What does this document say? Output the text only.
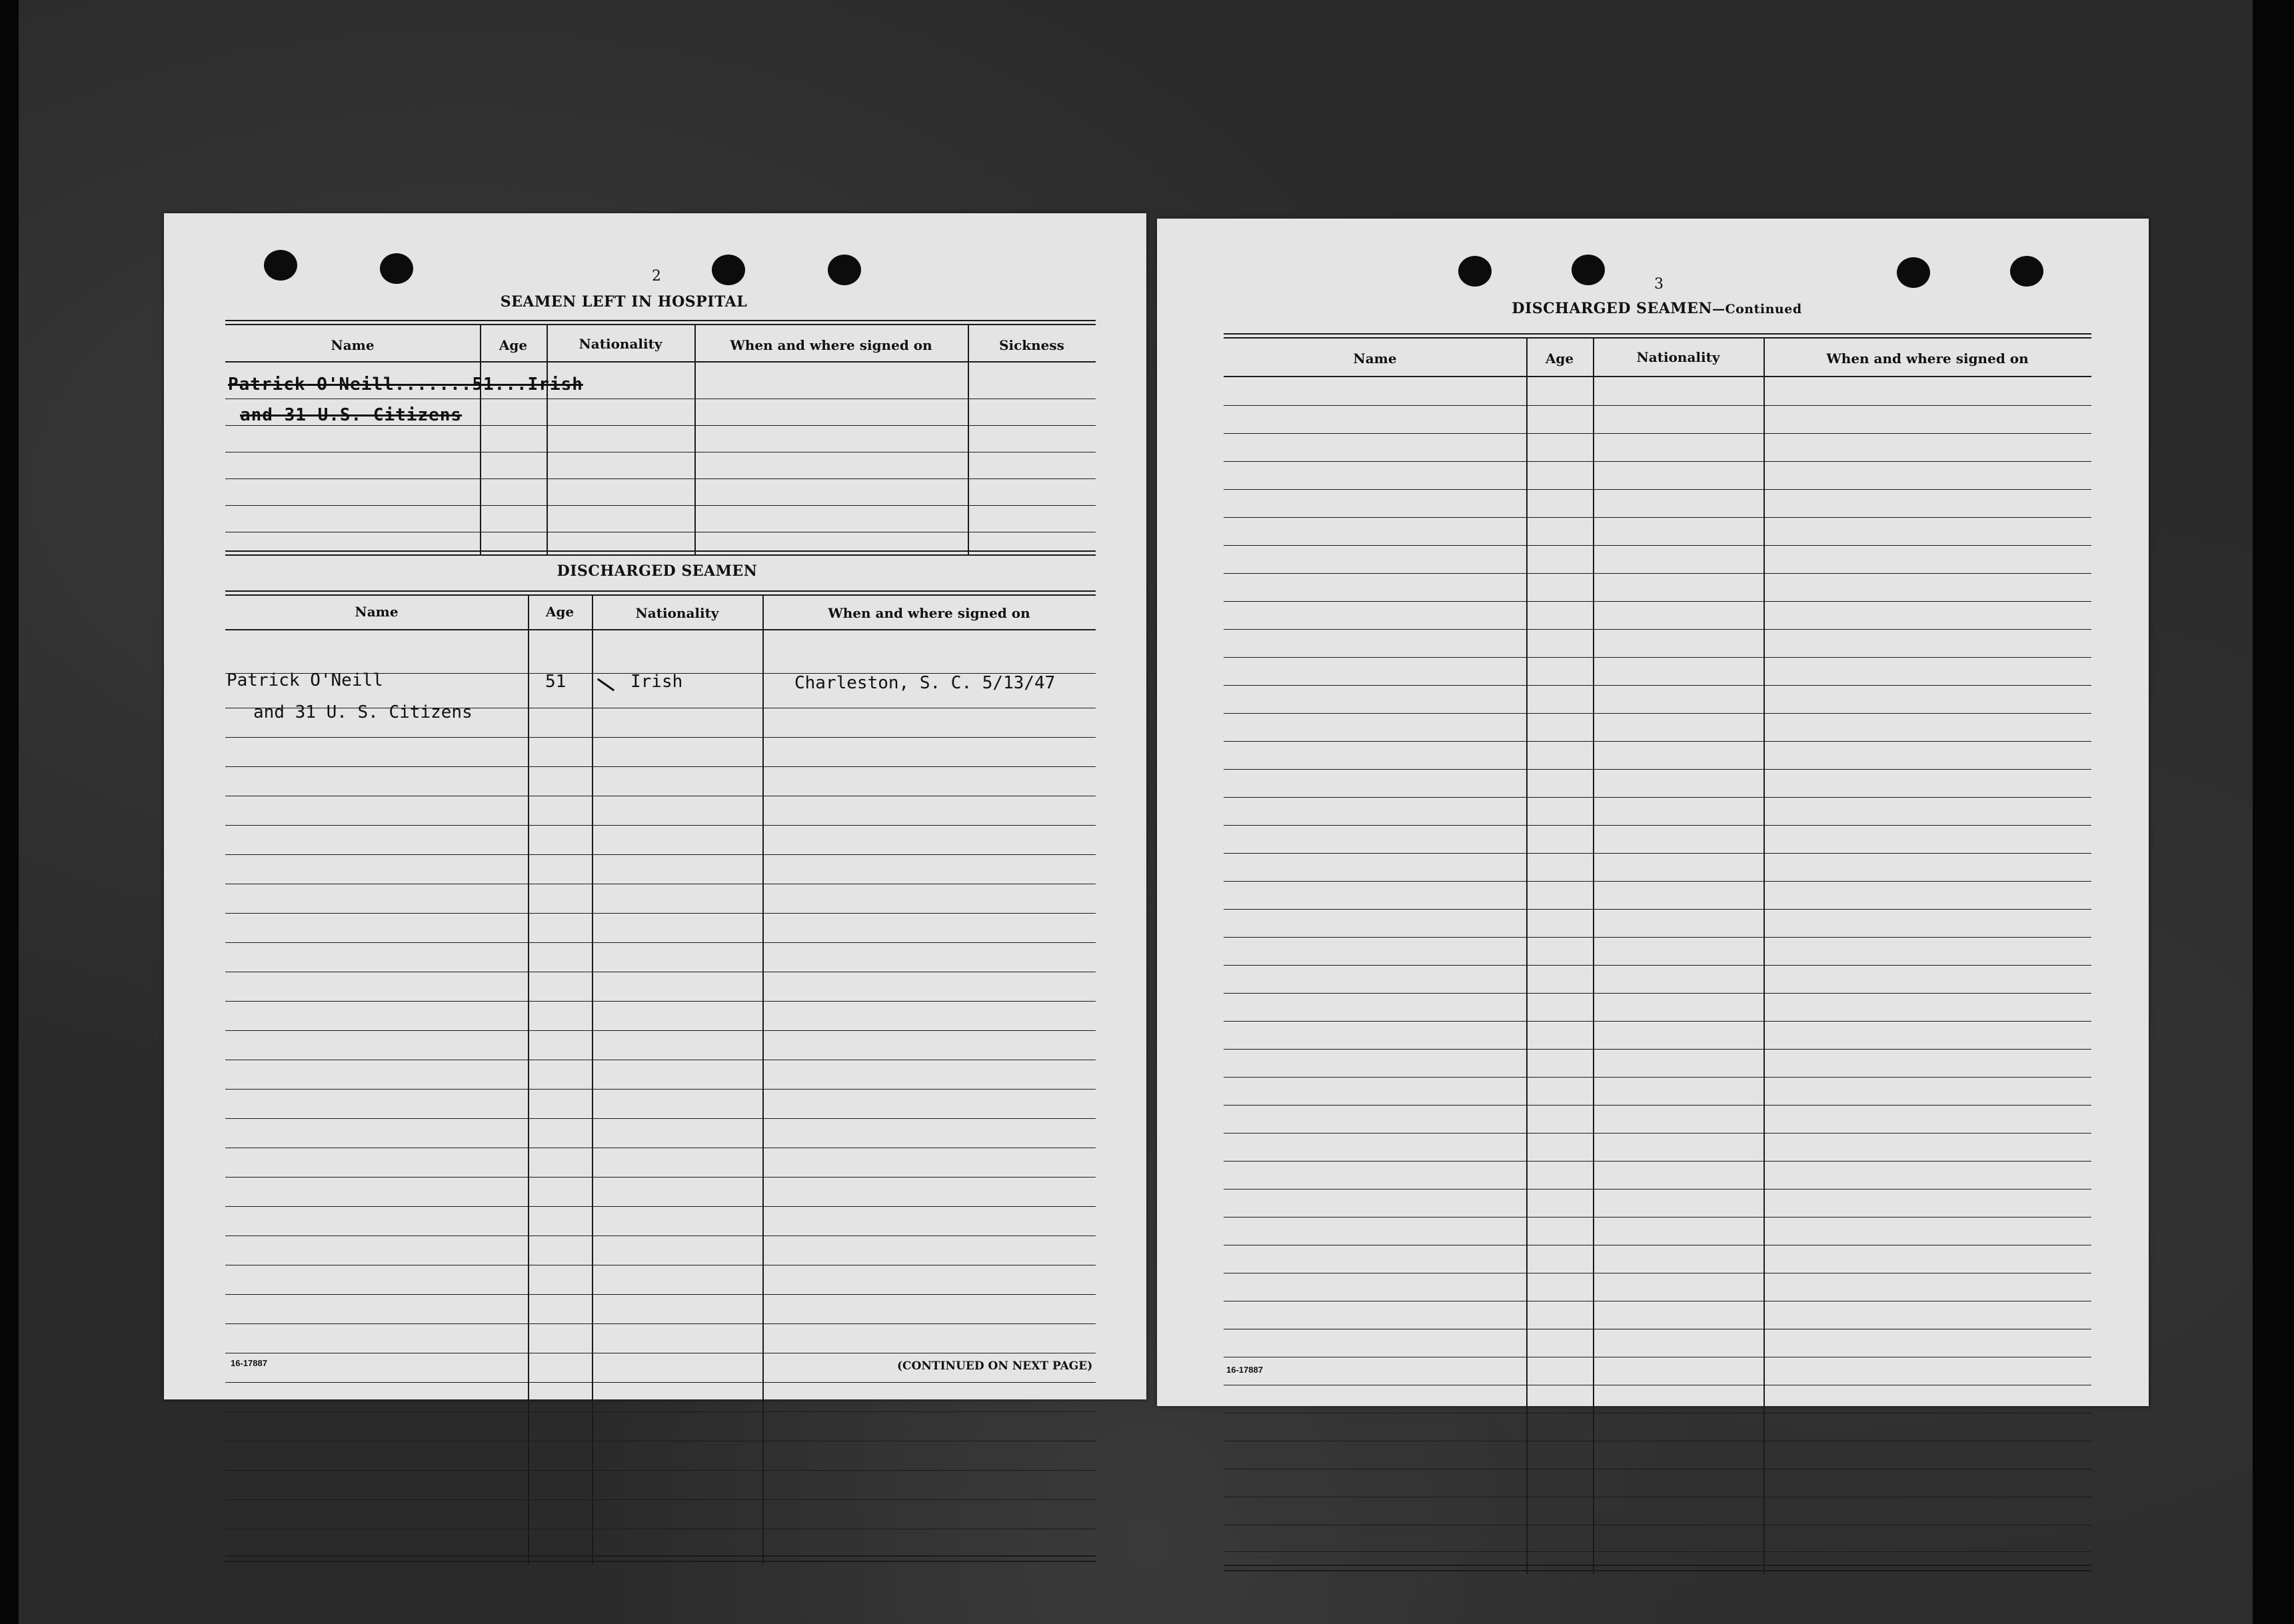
2
SEAMEN LEFT IN HOSPITAL
Name	Age	Nationality	When and where signed on	Sickness
Patrick O'Neill.......51...Irish
and 31 U.S. Citizens
DISCHARGED SEAMEN
Name	Age	Nationality	When and where signed on
Patrick O'Neill	51	Irish	Charleston, S. C. 5/13/47
and 31 U. S. Citizens
16-17887	(CONTINUED ON NEXT PAGE)
3
DISCHARGED SEAMEN—Continued
Name	Age	Nationality	When and where signed on
16-17887
